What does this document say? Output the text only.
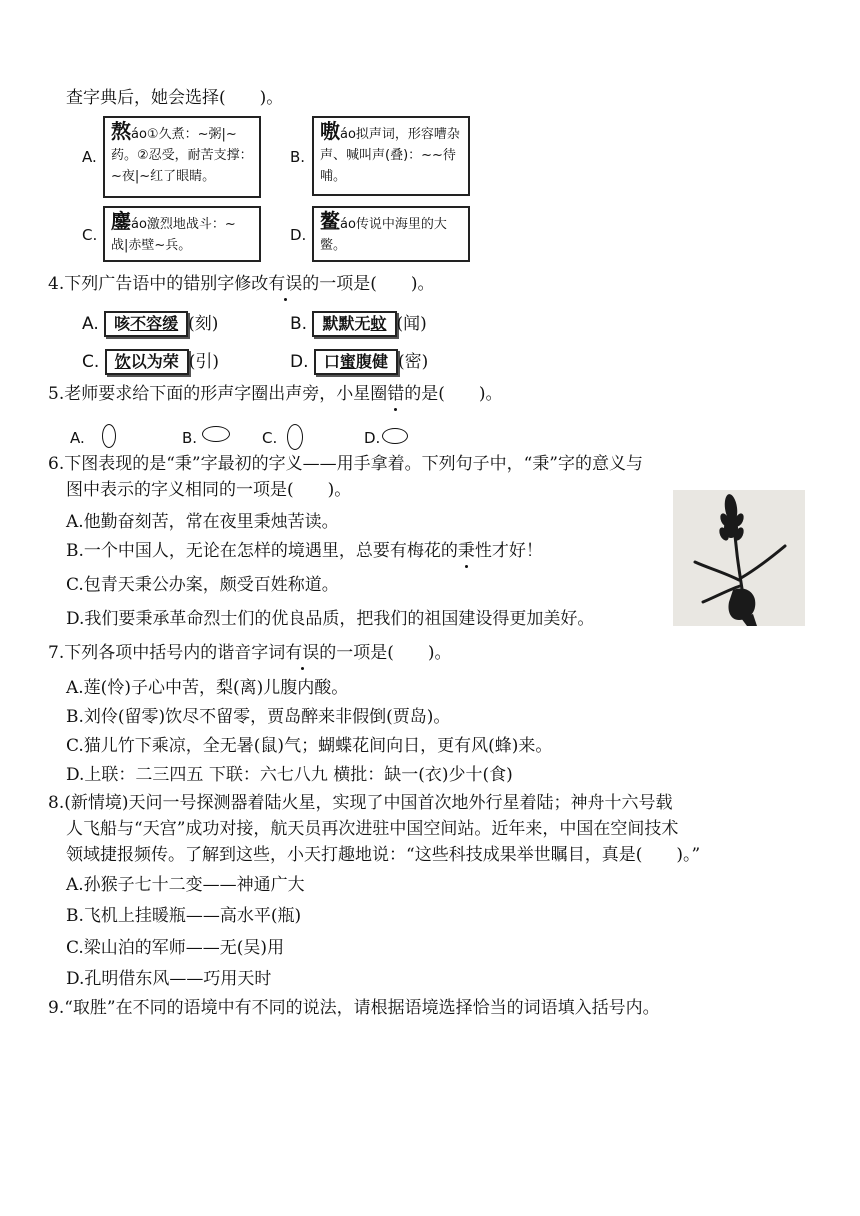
查字典后，她会选择(　　)。
A.
熬áo①久煮：~粥|~药。②忍受，耐苦支撑：~夜|~红了眼睛。
B.
嗷áo拟声词，形容嘈杂声、喊叫声(叠)：~~待哺。
C.
鏖áo激烈地战斗：~战|赤壁~兵。
D.
鳌áo传说中海里的大鳖。
4.下列广告语中的错别字修改有误的一项是(　　)。
A. 咳不容缓 (刻)	B. 默默无蚊 (闻)
C. 饮以为荣 (引)	D. 口蜜腹健 (密)
5.老师要求给下面的形声字圈出声旁，小星圈错的是(　　)。
A.	B.	C.	D.
6.下图表现的是“秉”字最初的字义——用手拿着。下列句子中，“秉”字的意义与
图中表示的字义相同的一项是(　　)。
A.他勤奋刻苦，常在夜里秉烛苦读。
B.一个中国人，无论在怎样的境遇里，总要有梅花的秉性才好！
C.包青天秉公办案，颇受百姓称道。
D.我们要秉承革命烈士们的优良品质，把我们的祖国建设得更加美好。
7.下列各项中括号内的谐音字词有误的一项是(　　)。
A.莲(怜)子心中苦，梨(离)儿腹内酸。
B.刘伶(留零)饮尽不留零，贾岛醉来非假倒(贾岛)。
C.猫儿竹下乘凉，全无暑(鼠)气；蝴蝶花间向日，更有风(蜂)来。
D.上联：二三四五 下联：六七八九 横批：缺一(衣)少十(食)
8.(新情境)天问一号探测器着陆火星，实现了中国首次地外行星着陆；神舟十六号载
人飞船与“天宫”成功对接，航天员再次进驻中国空间站。近年来，中国在空间技术
领域捷报频传。了解到这些，小天打趣地说：“这些科技成果举世瞩目，真是(　　)。”
A.孙猴子七十二变——神通广大
B.飞机上挂暖瓶——高水平(瓶)
C.梁山泊的军师——无(吴)用
D.孔明借东风——巧用天时
9.“取胜”在不同的语境中有不同的说法，请根据语境选择恰当的词语填入括号内。
